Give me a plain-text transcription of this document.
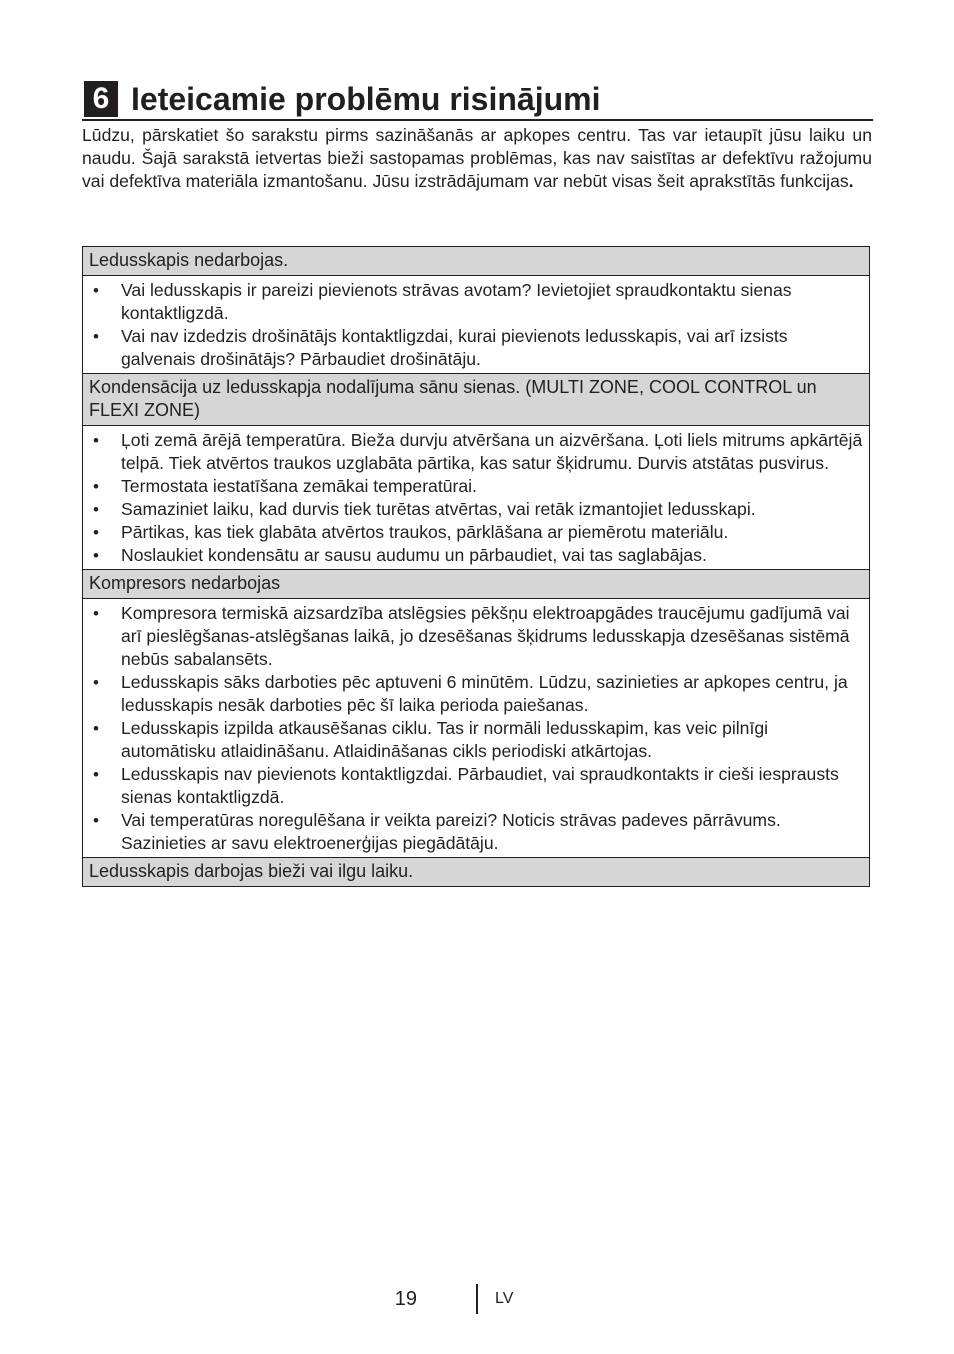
6 Ieteicamie problēmu risinājumi

Lūdzu, pārskatiet šo sarakstu pirms sazināšanās ar apkopes centru. Tas var ietaupīt jūsu laiku un naudu. Šajā sarakstā ietvertas bieži sastopamas problēmas, kas nav saistītas ar defektīvu ražojumu vai defektīva materiāla izmantošanu. Jūsu izstrādājumam var nebūt visas šeit aprakstītās funkcijas.

Ledusskapis nedarbojas.
• Vai ledusskapis ir pareizi pievienots strāvas avotam? Ievietojiet spraudkontaktu sienas kontaktligzdā.
• Vai nav izdedzis drošinātājs kontaktligzdai, kurai pievienots ledusskapis, vai arī izsists galvenais drošinātājs? Pārbaudiet drošinātāju.
Kondensācija uz ledusskapja nodalījuma sānu sienas. (MULTI ZONE, COOL CONTROL un FLEXI ZONE)
• Ļoti zemā ārējā temperatūra. Bieža durvju atvēršana un aizvēršana. Ļoti liels mitrums apkārtējā telpā. Tiek atvērtos traukos uzglabāta pārtika, kas satur šķidrumu. Durvis atstātas pusvirus.
• Termostata iestatīšana zemākai temperatūrai.
• Samaziniet laiku, kad durvis tiek turētas atvērtas, vai retāk izmantojiet ledusskapi.
• Pārtikas, kas tiek glabāta atvērtos traukos, pārklāšana ar piemērotu materiālu.
• Noslaukiet kondensātu ar sausu audumu un pārbaudiet, vai tas saglabājas.
Kompresors nedarbojas
• Kompresora termiskā aizsardzība atslēgsies pēkšņu elektroapgādes traucējumu gadījumā vai arī pieslēgšanas-atslēgšanas laikā, jo dzesēšanas šķidrums ledusskapja dzesēšanas sistēmā nebūs sabalansēts.
• Ledusskapis sāks darboties pēc aptuveni 6 minūtēm. Lūdzu, sazinieties ar apkopes centru, ja ledusskapis nesāk darboties pēc šī laika perioda paiešanas.
• Ledusskapis izpilda atkausēšanas ciklu. Tas ir normāli ledusskapim, kas veic pilnīgi automātisku atlaidināšanu. Atlaidināšanas cikls periodiski atkārtojas.
• Ledusskapis nav pievienots kontaktligzdai. Pārbaudiet, vai spraudkontakts ir cieši iesprausts sienas kontaktligzdā.
• Vai temperatūras noregulēšana ir veikta pareizi? Noticis strāvas padeves pārrāvums. Sazinieties ar savu elektroenerģijas piegādātāju.
Ledusskapis darbojas bieži vai ilgu laiku.
19	LV
